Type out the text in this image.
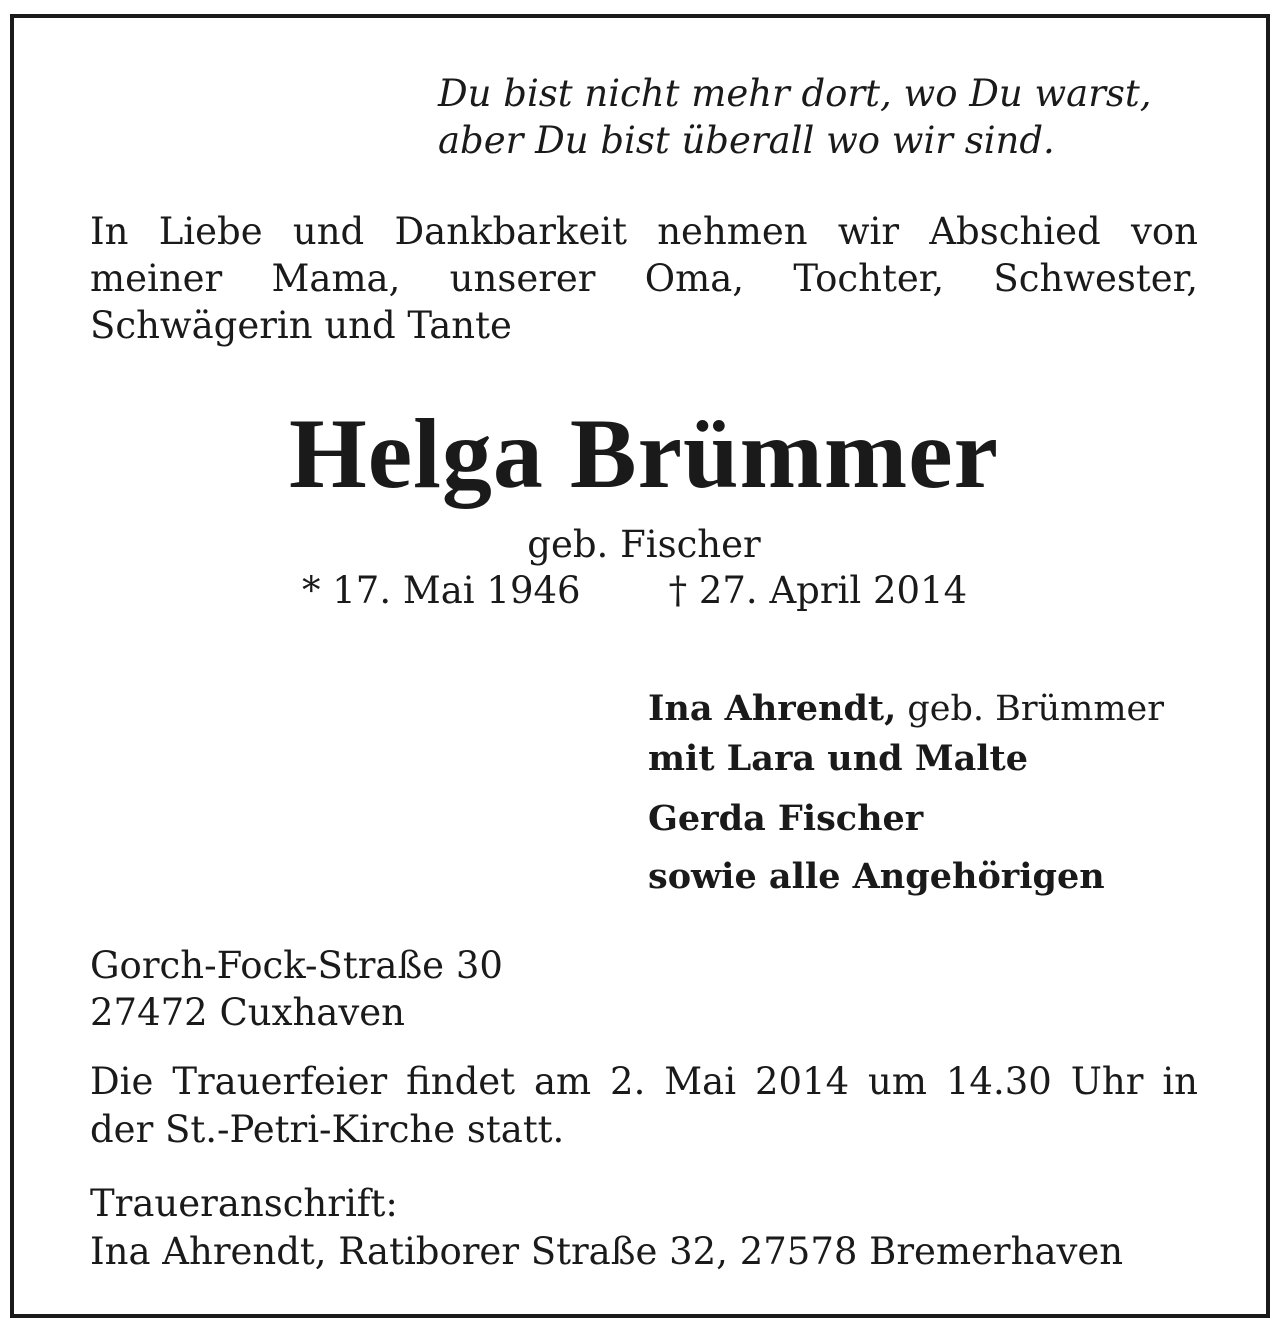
Du bist nicht mehr dort, wo Du warst,
aber Du bist überall wo wir sind.
In Liebe und Dankbarkeit nehmen wir Abschied von meiner Mama, unserer Oma, Tochter, Schwester, Schwägerin und Tante
Helga Brümmer
geb. Fischer
* 17. Mai 1946 † 27. April 2014
Ina Ahrendt, geb. Brümmer
mit Lara und Malte
Gerda Fischer
sowie alle Angehörigen
Gorch-Fock-Straße 30
27472 Cuxhaven
Die Trauerfeier findet am 2. Mai 2014 um 14.30 Uhr in der St.-Petri-Kirche statt.
Traueranschrift:
Ina Ahrendt, Ratiborer Straße 32, 27578 Bremerhaven
